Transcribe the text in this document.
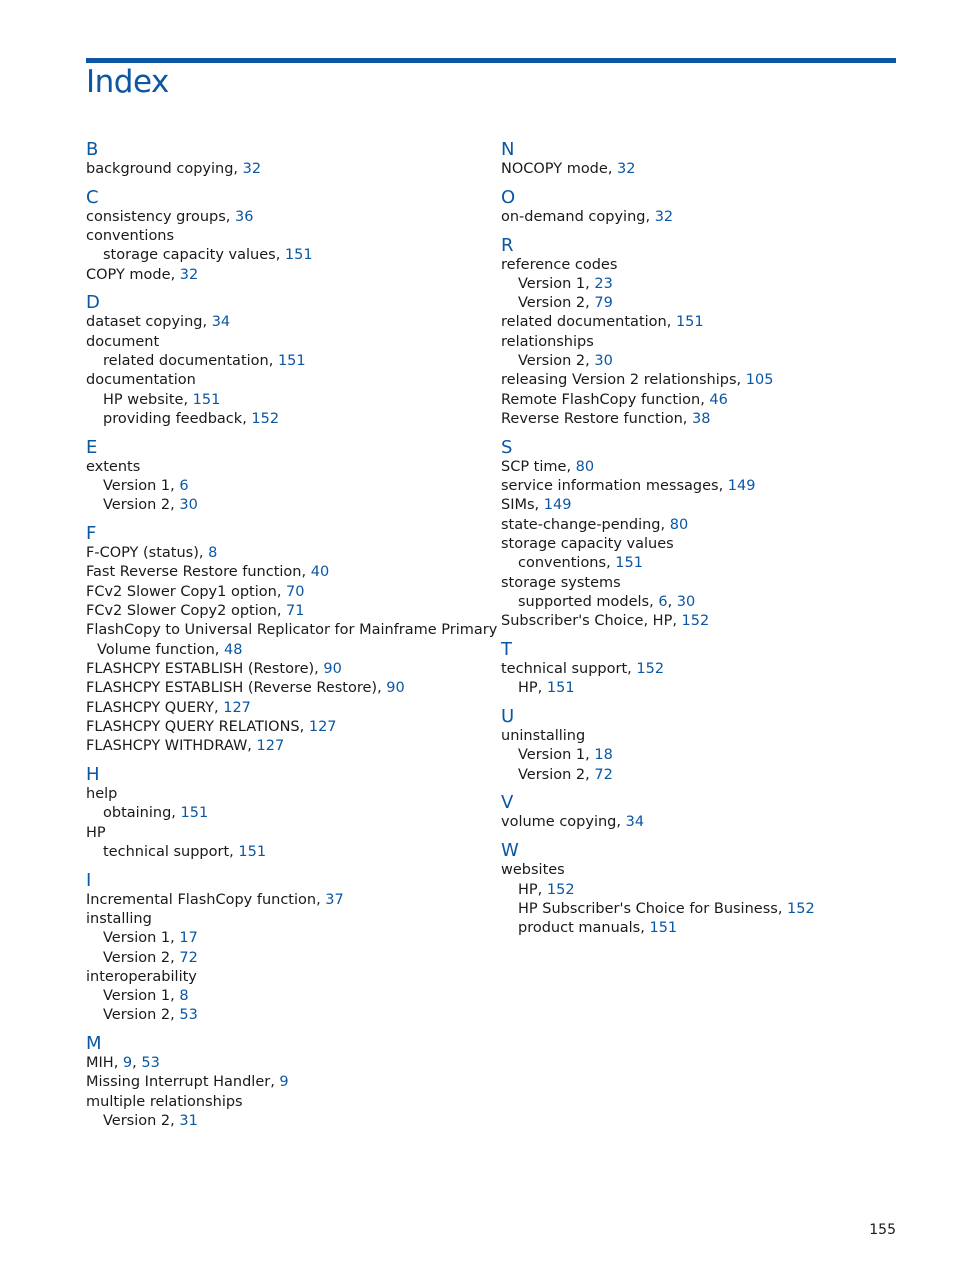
Index
B
background copying, 32
C
consistency groups, 36
conventions
storage capacity values, 151
COPY mode, 32
D
dataset copying, 34
document
related documentation, 151
documentation
HP website, 151
providing feedback, 152
E
extents
Version 1, 6
Version 2, 30
F
F-COPY (status), 8
Fast Reverse Restore function, 40
FCv2 Slower Copy1 option, 70
FCv2 Slower Copy2 option, 71
FlashCopy to Universal Replicator for Mainframe Primary
Volume function, 48
FLASHCPY ESTABLISH (Restore), 90
FLASHCPY ESTABLISH (Reverse Restore), 90
FLASHCPY QUERY, 127
FLASHCPY QUERY RELATIONS, 127
FLASHCPY WITHDRAW, 127
H
help
obtaining, 151
HP
technical support, 151
I
Incremental FlashCopy function, 37
installing
Version 1, 17
Version 2, 72
interoperability
Version 1, 8
Version 2, 53
M
MIH, 9, 53
Missing Interrupt Handler, 9
multiple relationships
Version 2, 31
N
NOCOPY mode, 32
O
on-demand copying, 32
R
reference codes
Version 1, 23
Version 2, 79
related documentation, 151
relationships
Version 2, 30
releasing Version 2 relationships, 105
Remote FlashCopy function, 46
Reverse Restore function, 38
S
SCP time, 80
service information messages, 149
SIMs, 149
state-change-pending, 80
storage capacity values
conventions, 151
storage systems
supported models, 6, 30
Subscriber's Choice, HP, 152
T
technical support, 152
HP, 151
U
uninstalling
Version 1, 18
Version 2, 72
V
volume copying, 34
W
websites
HP, 152
HP Subscriber's Choice for Business, 152
product manuals, 151
155
